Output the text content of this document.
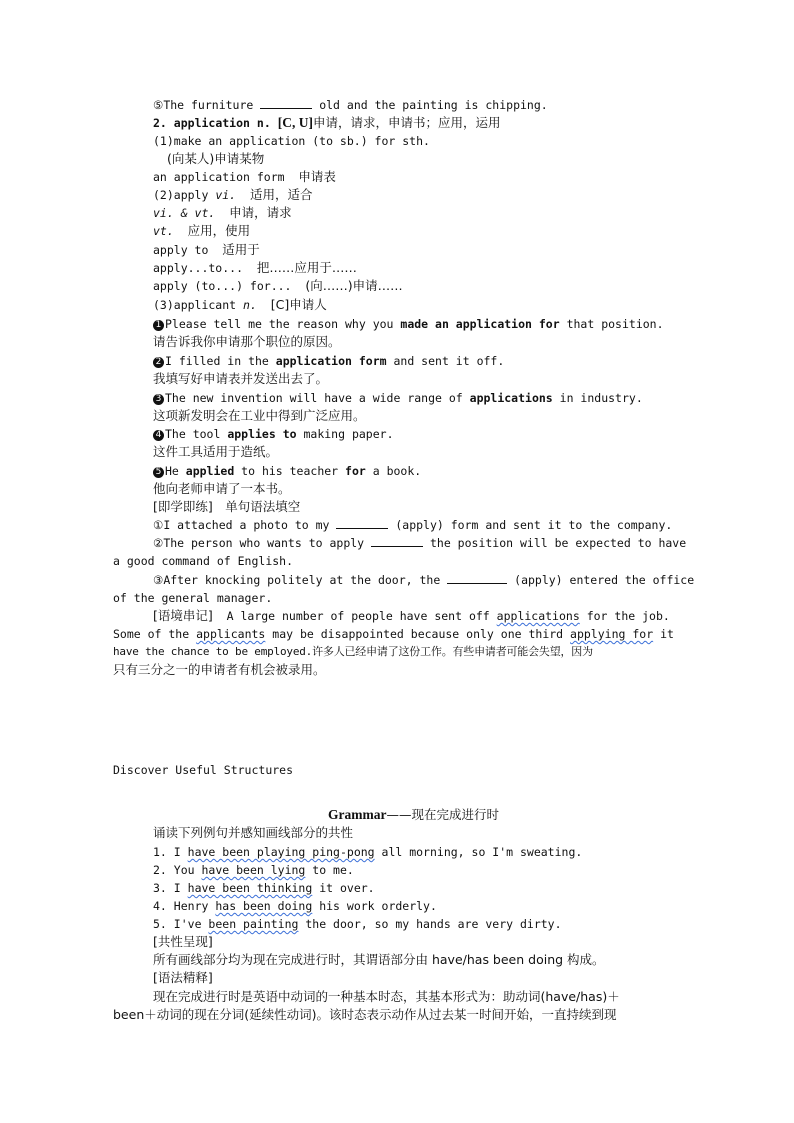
⑤The furniture	old and the painting is chipping.
2. application n. [C, U]申请，请求，申请书；应用，运用
(1)make an application (to sb.) for sth.
(向某人)申请某物
an application form 申请表
(2)apply vi. 适用，适合
vi. & vt. 申请，请求
vt. 应用，使用
apply to 适用于
apply...to... 把……应用于……
apply (to...) for... (向……)申请……
(3)applicant n. [C]申请人
1 Please tell me the reason why you made an application for that position.
请告诉我你申请那个职位的原因。
2 I filled in the application form and sent it off.
我填写好申请表并发送出去了。
3 The new invention will have a wide range of applications in industry.
这项新发明会在工业中得到广泛应用。
4 The tool applies to making paper.
这件工具适用于造纸。
5 He applied to his teacher for a book.
他向老师申请了一本书。
[即学即练]　单句语法填空
①I attached a photo to my	(apply) form and sent it to the company.
②The person who wants to apply	the position will be expected to have
a good command of English.
③After knocking politely at the door, the	(apply) entered the office
of the general manager.
[语境串记] A large number of people have sent off applications for the job.
Some of the applicants may be disappointed because only one third applying for it
have the chance to be employed.许多人已经申请了这份工作。有些申请者可能会失望，因为
只有三分之一的申请者有机会被录用。
Discover Useful Structures
Grammar——现在完成进行时
诵读下列例句并感知画线部分的共性
1. I have been playing ping-pong all morning, so I'm sweating.
2. You have been lying to me.
3. I have been thinking it over.
4. Henry has been doing his work orderly.
5. I've been painting the door, so my hands are very dirty.
[共性呈现]
所有画线部分均为现在完成进行时，其谓语部分由 have/has been doing 构成。
[语法精释]
现在完成进行时是英语中动词的一种基本时态，其基本形式为：助动词(have/has)＋
been＋动词的现在分词(延续性动词)。该时态表示动作从过去某一时间开始，一直持续到现
